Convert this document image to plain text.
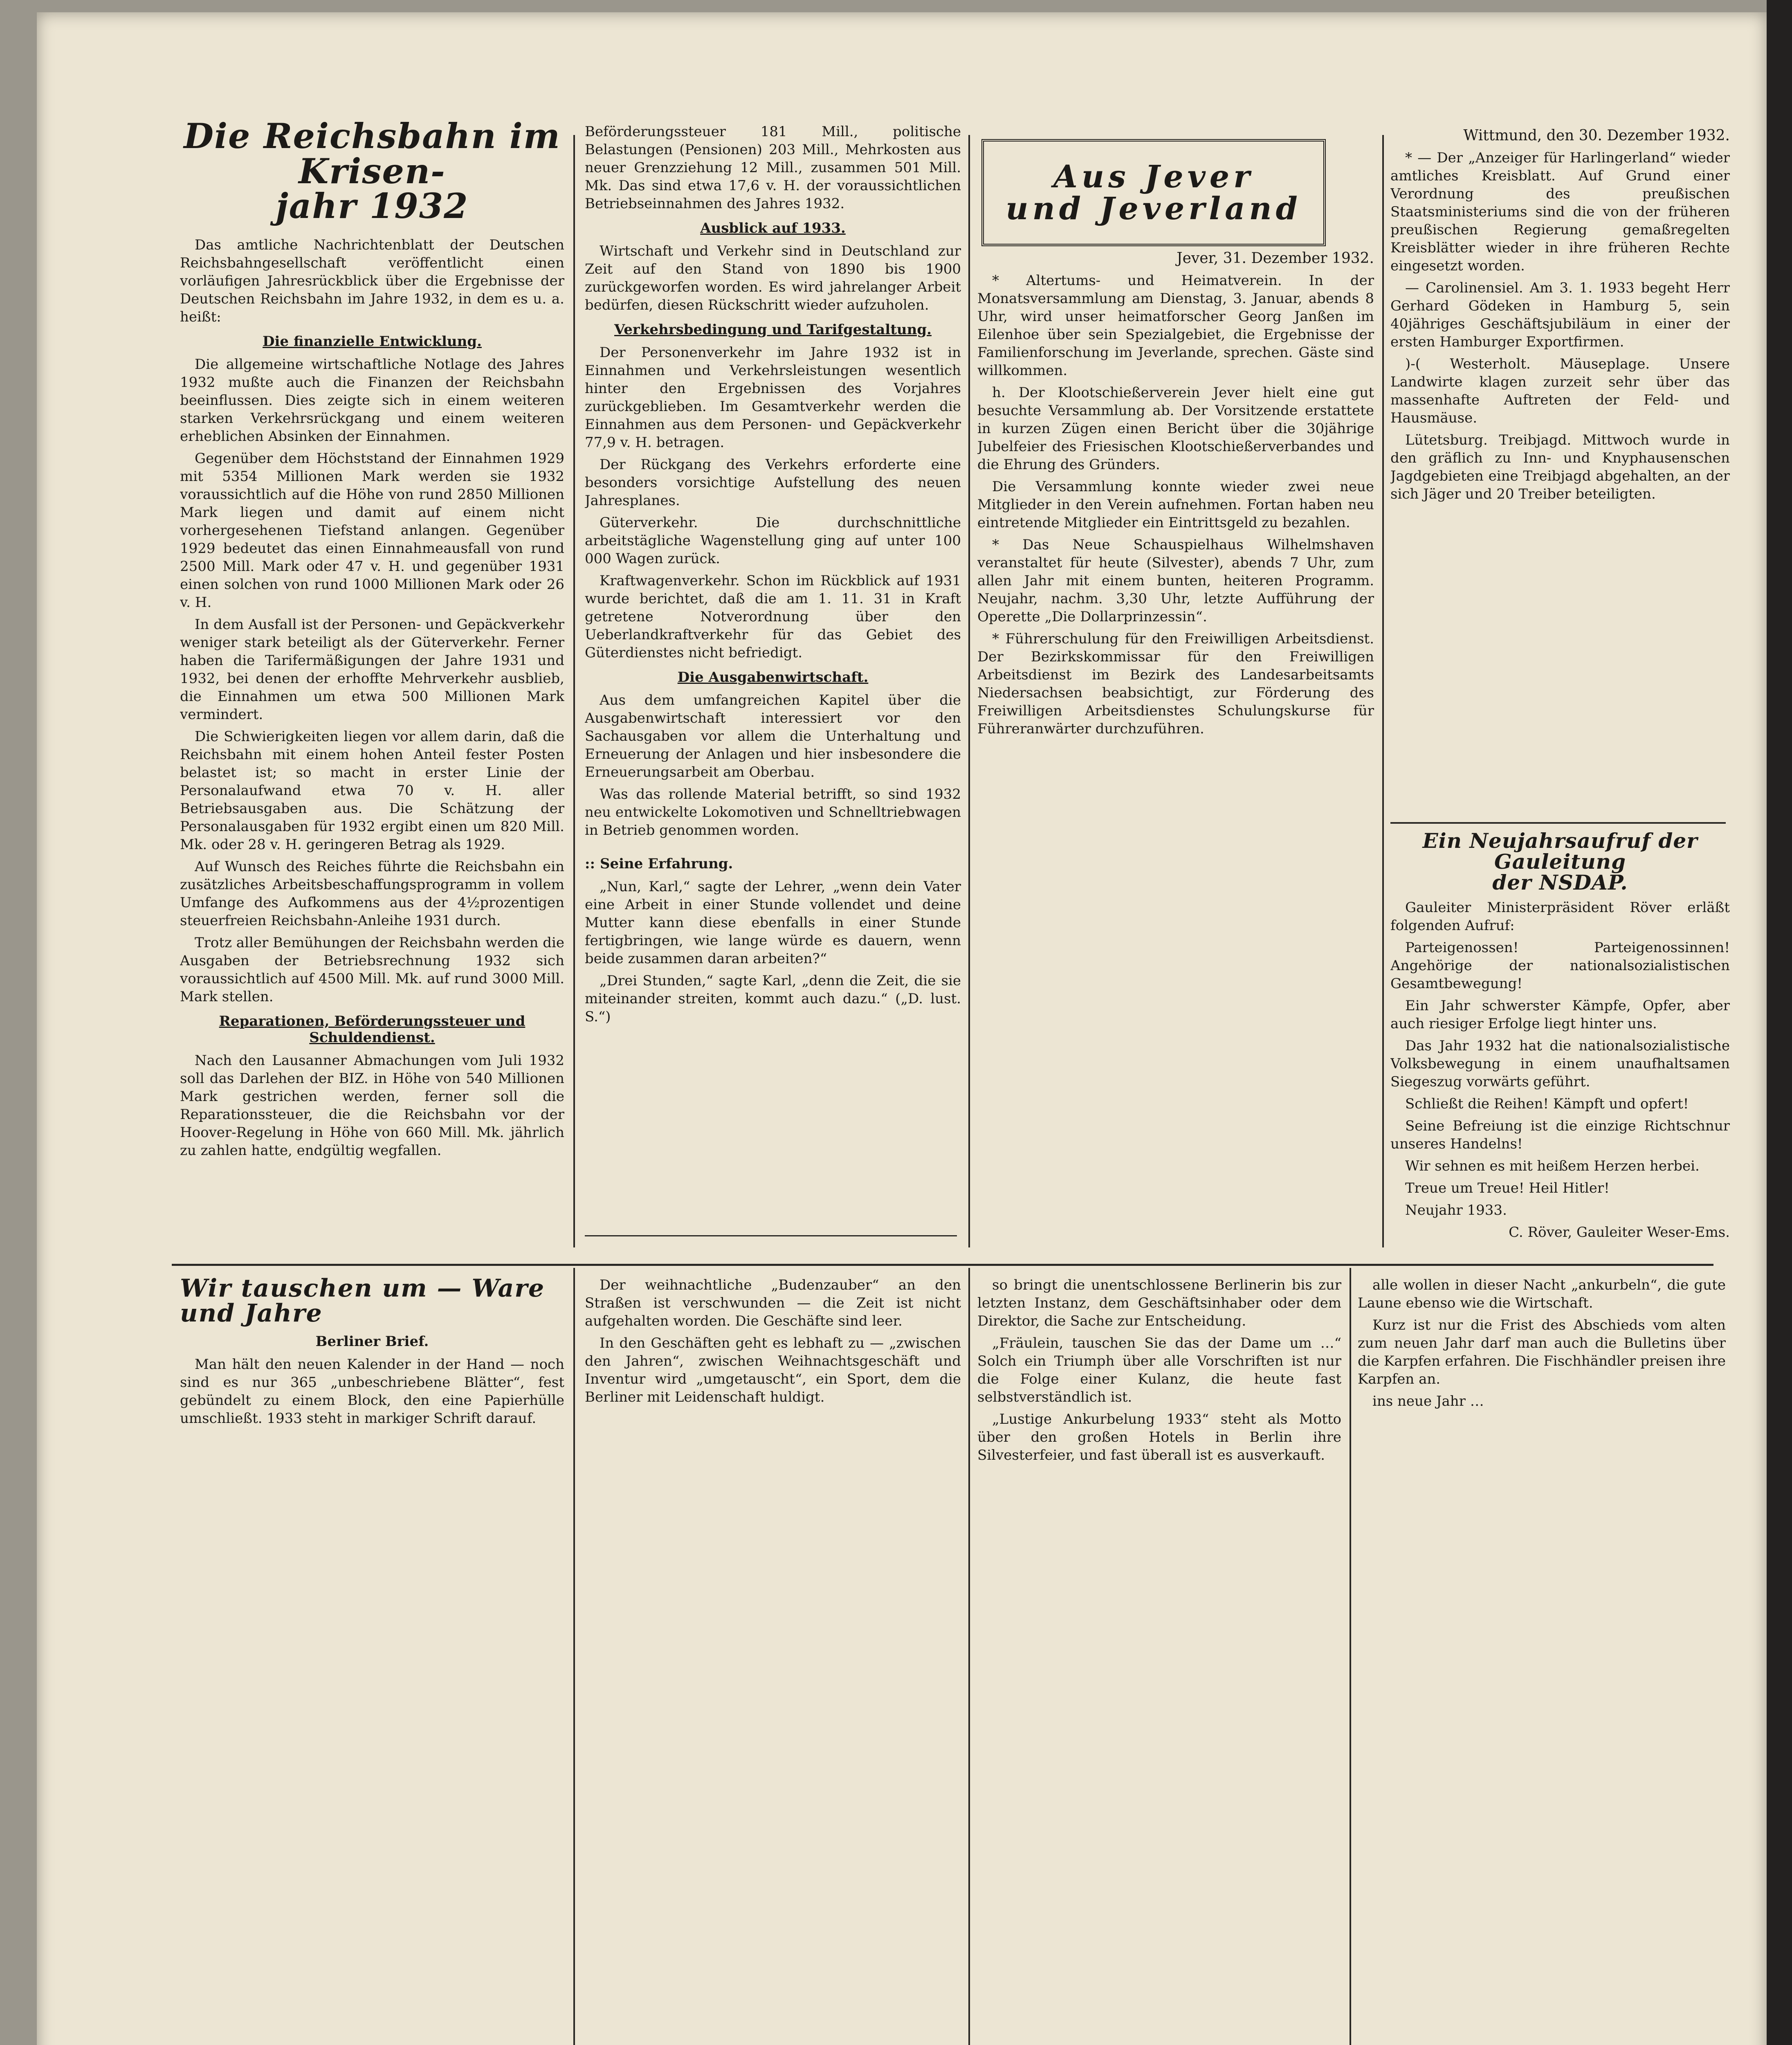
Die Reichsbahn im Krisen-
jahr 1932

Das amtliche Nachrichtenblatt der Deutschen Reichsbahngesellschaft veröffentlicht einen vorläufigen Jahresrückblick über die Ergebnisse der Deutschen Reichsbahn im Jahre 1932, in dem es u. a. heißt:

Die finanzielle Entwicklung.

Die allgemeine wirtschaftliche Notlage des Jahres 1932 mußte auch die Finanzen der Reichsbahn beeinflussen. Dies zeigte sich in einem weiteren starken Verkehrsrückgang und einem weiteren erheblichen Absinken der Einnahmen.

Gegenüber dem Höchststand der Einnahmen 1929 mit 5354 Millionen Mark werden sie 1932 voraussichtlich auf die Höhe von rund 2850 Millionen Mark liegen und damit auf einem nicht vorhergesehenen Tiefstand anlangen. Gegenüber 1929 bedeutet das einen Einnahmeausfall von rund 2500 Mill. Mark oder 47 v. H. und gegenüber 1931 einen solchen von rund 1000 Millionen Mark oder 26 v. H.

In dem Ausfall ist der Personen- und Gepäckverkehr weniger stark beteiligt als der Güterverkehr. Ferner haben die Tarifermäßigungen der Jahre 1931 und 1932, bei denen der erhoffte Mehrverkehr ausblieb, die Einnahmen um etwa 500 Millionen Mark vermindert.

Die Schwierigkeiten liegen vor allem darin, daß die Reichsbahn mit einem hohen Anteil fester Posten belastet ist; so macht in erster Linie der Personalaufwand etwa 70 v. H. aller Betriebsausgaben aus. Die Schätzung der Personalausgaben für 1932 ergibt einen um 820 Mill. Mk. oder 28 v. H. geringeren Betrag als 1929.

Auf Wunsch des Reiches führte die Reichsbahn ein zusätzliches Arbeitsbeschaffungsprogramm in vollem Umfange des Aufkommens aus der 4½prozentigen steuerfreien Reichsbahn-Anleihe 1931 durch.

Trotz aller Bemühungen der Reichsbahn werden die Ausgaben der Betriebsrechnung 1932 sich voraussichtlich auf 4500 Mill. Mk. auf rund 3000 Mill. Mark stellen.

Reparationen, Beförderungssteuer und Schuldendienst.

Nach den Lausanner Abmachungen vom Juli 1932 soll das Darlehen der BIZ. in Höhe von 540 Millionen Mark gestrichen werden, ferner soll die Reparationssteuer, die die Reichsbahn vor der Hoover-Regelung in Höhe von 660 Mill. Mk. jährlich zu zahlen hatte, endgültig wegfallen.

Beförderungssteuer 181 Mill., politische Belastungen (Pensionen) 203 Mill., Mehrkosten aus neuer Grenzziehung 12 Mill., zusammen 501 Mill. Mk. Das sind etwa 17,6 v. H. der voraussichtlichen Betriebseinnahmen des Jahres 1932.

Ausblick auf 1933.

Wirtschaft und Verkehr sind in Deutschland zur Zeit auf den Stand von 1890 bis 1900 zurückgeworfen worden. Es wird jahrelanger Arbeit bedürfen, diesen Rückschritt wieder aufzuholen.

Verkehrsbedingung und Tarifgestaltung.

Der Personenverkehr im Jahre 1932 ist in Einnahmen und Verkehrsleistungen wesentlich hinter den Ergebnissen des Vorjahres zurückgeblieben. Im Gesamtverkehr werden die Einnahmen aus dem Personen- und Gepäckverkehr 77,9 v. H. betragen.

Der Rückgang des Verkehrs erforderte eine besonders vorsichtige Aufstellung des neuen Jahresplanes.

Güterverkehr. Die durchschnittliche arbeitstägliche Wagenstellung ging auf unter 100 000 Wagen zurück.

Kraftwagenverkehr. Schon im Rückblick auf 1931 wurde berichtet, daß die am 1. 11. 31 in Kraft getretene Notverordnung über den Ueberlandkraftverkehr für das Gebiet des Güterdienstes nicht befriedigt.

Die Ausgabenwirtschaft.

Aus dem umfangreichen Kapitel über die Ausgabenwirtschaft interessiert vor den Sachausgaben vor allem die Unterhaltung und Erneuerung der Anlagen und hier insbesondere die Erneuerungsarbeit am Oberbau.

Was das rollende Material betrifft, so sind 1932 neu entwickelte Lokomotiven und Schnelltriebwagen in Betrieb genommen worden.

:: Seine Erfahrung.

„Nun, Karl,“ sagte der Lehrer, „wenn dein Vater eine Arbeit in einer Stunde vollendet und deine Mutter kann diese ebenfalls in einer Stunde fertigbringen, wie lange würde es dauern, wenn beide zusammen daran arbeiten?“

„Drei Stunden,“ sagte Karl, „denn die Zeit, die sie miteinander streiten, kommt auch dazu.“ („D. lust. S.“)

Aus Jever
und Jeverland

Jever, 31. Dezember 1932.

* Altertums- und Heimatverein. In der Monatsversammlung am Dienstag, 3. Januar, abends 8 Uhr, wird unser heimatforscher Georg Janßen im Eilenhoe über sein Spezialgebiet, die Ergebnisse der Familienforschung im Jeverlande, sprechen. Gäste sind willkommen.

h. Der Klootschießerverein Jever hielt eine gut besuchte Versammlung ab. Der Vorsitzende erstattete in kurzen Zügen einen Bericht über die 30jährige Jubelfeier des Friesischen Klootschießerverbandes und die Ehrung des Gründers.

Die Versammlung konnte wieder zwei neue Mitglieder in den Verein aufnehmen. Fortan haben neu eintretende Mitglieder ein Eintrittsgeld zu bezahlen.

* Das Neue Schauspielhaus Wilhelmshaven veranstaltet für heute (Silvester), abends 7 Uhr, zum allen Jahr mit einem bunten, heiteren Programm. Neujahr, nachm. 3,30 Uhr, letzte Aufführung der Operette „Die Dollarprinzessin“.

* Führerschulung für den Freiwilligen Arbeitsdienst. Der Bezirkskommissar für den Freiwilligen Arbeitsdienst im Bezirk des Landesarbeitsamts Niedersachsen beabsichtigt, zur Förderung des Freiwilligen Arbeitsdienstes Schulungskurse für Führeranwärter durchzuführen.

Wittmund, den 30. Dezember 1932.

* — Der „Anzeiger für Harlingerland“ wieder amtliches Kreisblatt. Auf Grund einer Verordnung des preußischen Staatsministeriums sind die von der früheren preußischen Regierung gemaßregelten Kreisblätter wieder in ihre früheren Rechte eingesetzt worden.

— Carolinensiel. Am 3. 1. 1933 begeht Herr Gerhard Gödeken in Hamburg 5, sein 40jähriges Geschäftsjubiläum in einer der ersten Hamburger Exportfirmen.

)-( Westerholt. Mäuseplage. Unsere Landwirte klagen zurzeit sehr über das massenhafte Auftreten der Feld- und Hausmäuse.

Lütetsburg. Treibjagd. Mittwoch wurde in den gräflich zu Inn- und Knyphausenschen Jagdgebieten eine Treibjagd abgehalten, an der sich Jäger und 20 Treiber beteiligten.

Ein Neujahrsaufruf der Gauleitung
der NSDAP.

Gauleiter Ministerpräsident Röver erläßt folgenden Aufruf:

Parteigenossen! Parteigenossinnen! Angehörige der nationalsozialistischen Gesamtbewegung!

Ein Jahr schwerster Kämpfe, Opfer, aber auch riesiger Erfolge liegt hinter uns.

Das Jahr 1932 hat die nationalsozialistische Volksbewegung in einem unaufhaltsamen Siegeszug vorwärts geführt.

Schließt die Reihen! Kämpft und opfert!

Seine Befreiung ist die einzige Richtschnur unseres Handelns!

Wir sehnen es mit heißem Herzen herbei.

Treue um Treue! Heil Hitler!

Neujahr 1933.

C. Röver, Gauleiter Weser-Ems.

Wir tauschen um — Ware und Jahre
Berliner Brief.

Man hält den neuen Kalender in der Hand — noch sind es nur 365 „unbeschriebene Blätter“, fest gebündelt zu einem Block, den eine Papierhülle umschließt. 1933 steht in markiger Schrift darauf.

Der weihnachtliche „Budenzauber“ an den Straßen ist verschwunden — die Zeit ist nicht aufgehalten worden. Die Geschäfte sind leer.

In den Geschäften geht es lebhaft zu — „zwischen den Jahren“, zwischen Weihnachtsgeschäft und Inventur wird „umgetauscht“, ein Sport, dem die Berliner mit Leidenschaft huldigt.

so bringt die unentschlossene Berlinerin bis zur letzten Instanz, dem Geschäftsinhaber oder dem Direktor, die Sache zur Entscheidung.

„Fräulein, tauschen Sie das der Dame um …“ Solch ein Triumph über alle Vorschriften ist nur die Folge einer Kulanz, die heute fast selbstverständlich ist.

„Lustige Ankurbelung 1933“ steht als Motto über den großen Hotels in Berlin ihre Silvesterfeier, und fast überall ist es ausverkauft.

alle wollen in dieser Nacht „ankurbeln“, die gute Laune ebenso wie die Wirtschaft.

Kurz ist nur die Frist des Abschieds vom alten zum neuen Jahr darf man auch die Bulletins über die Karpfen erfahren. Die Fischhändler preisen ihre Karpfen an.

ins neue Jahr …
